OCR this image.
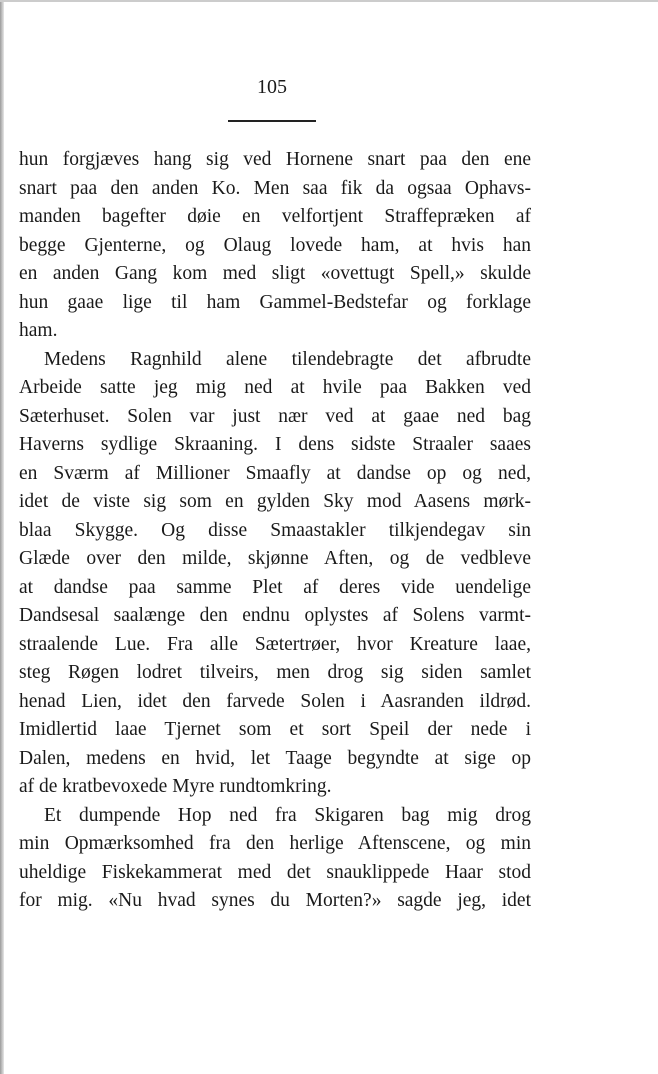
105
hun forgjæves hang sig ved Hornene snart paa den ene
snart paa den anden Ko. Men saa fik da ogsaa Ophavs-
manden bagefter døie en velfortjent Straffepræken af
begge Gjenterne, og Olaug lovede ham, at hvis han
en anden Gang kom med sligt «ovettugt Spell,» skulde
hun gaae lige til ham Gammel-Bedstefar og forklage
ham.
Medens Ragnhild alene tilendebragte det afbrudte
Arbeide satte jeg mig ned at hvile paa Bakken ved
Sæterhuset. Solen var just nær ved at gaae ned bag
Haverns sydlige Skraaning. I dens sidste Straaler saaes
en Sværm af Millioner Smaafly at dandse op og ned,
idet de viste sig som en gylden Sky mod Aasens mørk-
blaa Skygge. Og disse Smaastakler tilkjendegav sin
Glæde over den milde, skjønne Aften, og de vedbleve
at dandse paa samme Plet af deres vide uendelige
Dandsesal saalænge den endnu oplystes af Solens varmt-
straalende Lue. Fra alle Sætertrøer, hvor Kreature laae,
steg Røgen lodret tilveirs, men drog sig siden samlet
henad Lien, idet den farvede Solen i Aasranden ildrød.
Imidlertid laae Tjernet som et sort Speil der nede i
Dalen, medens en hvid, let Taage begyndte at sige op
af de kratbevoxede Myre rundtomkring.
Et dumpende Hop ned fra Skigaren bag mig drog
min Opmærksomhed fra den herlige Aftenscene, og min
uheldige Fiskekammerat med det snauklippede Haar stod
for mig. «Nu hvad synes du Morten?» sagde jeg, idet
